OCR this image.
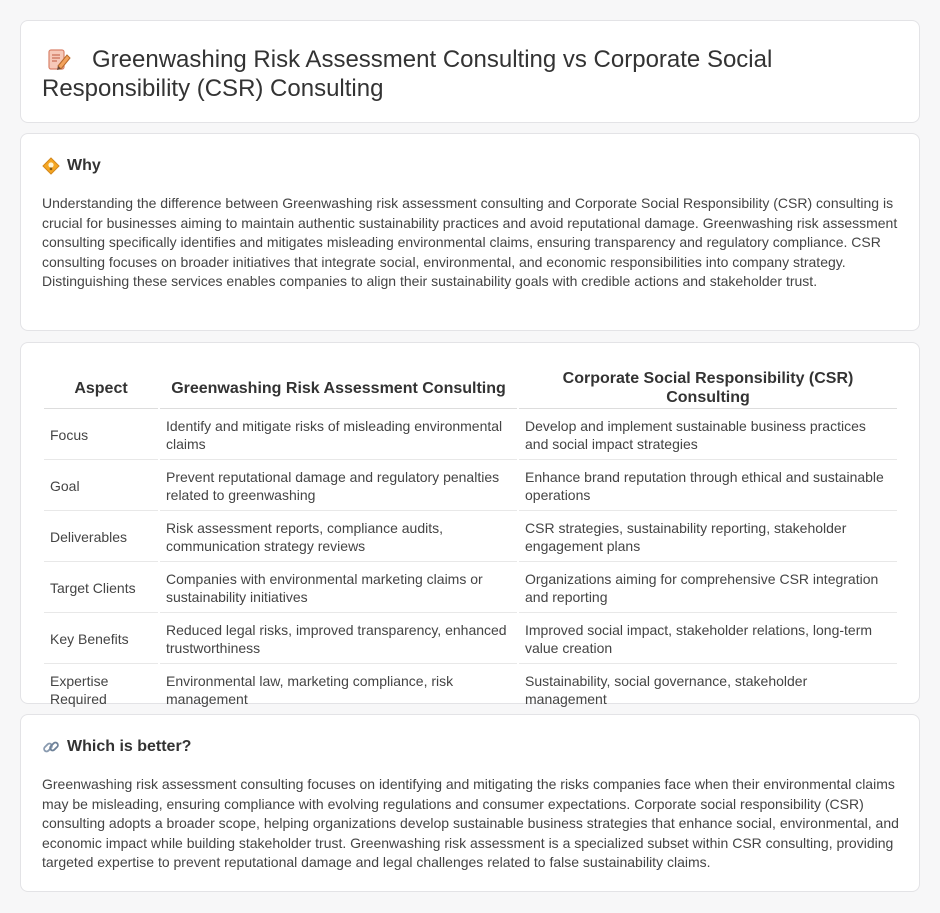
Greenwashing Risk Assessment Consulting vs Corporate Social Responsibility (CSR) Consulting
Why

Understanding the difference between Greenwashing risk assessment consulting and Corporate Social Responsibility (CSR) consulting is crucial for businesses aiming to maintain authentic sustainability practices and avoid reputational damage. Greenwashing risk assessment consulting specifically identifies and mitigates misleading environmental claims, ensuring transparency and regulatory compliance. CSR consulting focuses on broader initiatives that integrate social, environmental, and economic responsibilities into company strategy. Distinguishing these services enables companies to align their sustainability goals with credible actions and stakeholder trust.

Aspect	Greenwashing Risk Assessment Consulting	Corporate Social Responsibility (CSR) Consulting
Focus	Identify and mitigate risks of misleading environmental claims	Develop and implement sustainable business practices and social impact strategies
Goal	Prevent reputational damage and regulatory penalties related to greenwashing	Enhance brand reputation through ethical and sustainable operations
Deliverables	Risk assessment reports, compliance audits, communication strategy reviews	CSR strategies, sustainability reporting, stakeholder engagement plans
Target Clients	Companies with environmental marketing claims or sustainability initiatives	Organizations aiming for comprehensive CSR integration and reporting
Key Benefits	Reduced legal risks, improved transparency, enhanced trustworthiness	Improved social impact, stakeholder relations, long-term value creation
Expertise Required	Environmental law, marketing compliance, risk management	Sustainability, social governance, stakeholder management
Which is better?

Greenwashing risk assessment consulting focuses on identifying and mitigating the risks companies face when their environmental claims may be misleading, ensuring compliance with evolving regulations and consumer expectations. Corporate social responsibility (CSR) consulting adopts a broader scope, helping organizations develop sustainable business strategies that enhance social, environmental, and economic impact while building stakeholder trust. Greenwashing risk assessment is a specialized subset within CSR consulting, providing targeted expertise to prevent reputational damage and legal challenges related to false sustainability claims.
